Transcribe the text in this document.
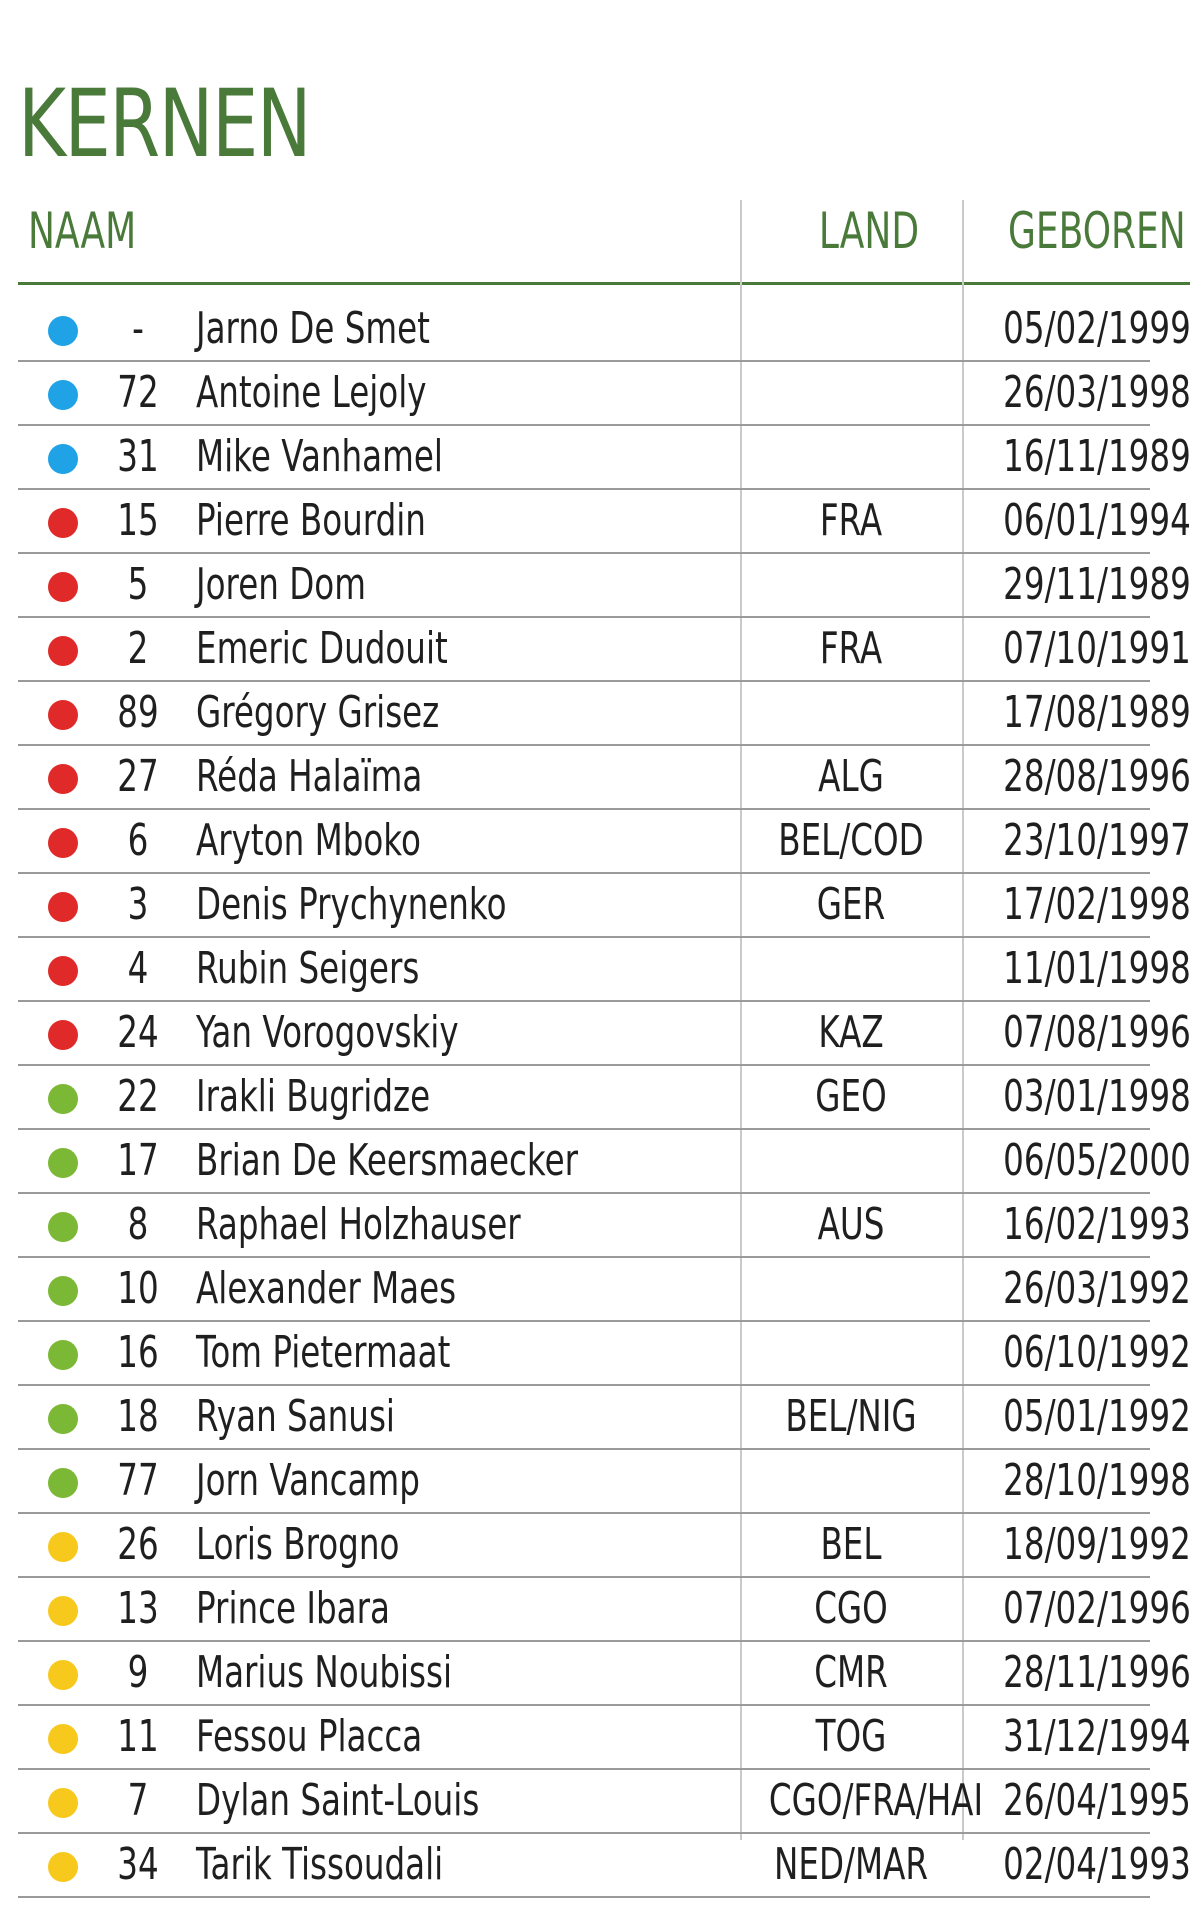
KERNEN
NAAM	LAND	GEBOREN
-	Jarno De Smet	05/02/1999
72 Antoine Lejoly	26/03/1998
31 Mike Vanhamel	16/11/1989
15 Pierre Bourdin	FRA	06/01/1994
5	Joren Dom	29/11/1989
2	Emeric Dudouit	FRA	07/10/1991
89 Grégory Grisez	17/08/1989
27 Réda Halaïma	ALG	28/08/1996
6	Aryton Mboko	BEL/COD 23/10/1997
3	Denis Prychynenko	GER	17/02/1998
4	Rubin Seigers	11/01/1998
24 Yan Vorogovskiy	KAZ	07/08/1996
22 Irakli Bugridze	GEO	03/01/1998
17 Brian De Keersmaecker	06/05/2000
8	Raphael Holzhauser	AUS	16/02/1993
10 Alexander Maes	26/03/1992
16 Tom Pietermaat	06/10/1992
18 Ryan Sanusi	BEL/NIG	05/01/1992
77 Jorn Vancamp	28/10/1998
26 Loris Brogno	BEL	18/09/1992
13 Prince Ibara	CGO	07/02/1996
9	Marius Noubissi	CMR	28/11/1996
11 Fessou Placca	TOG	31/12/1994
7	Dylan Saint-Louis	CGO/FRA/HAI 26/04/1995
34 Tarik Tissoudali	NED/MAR 02/04/1993
